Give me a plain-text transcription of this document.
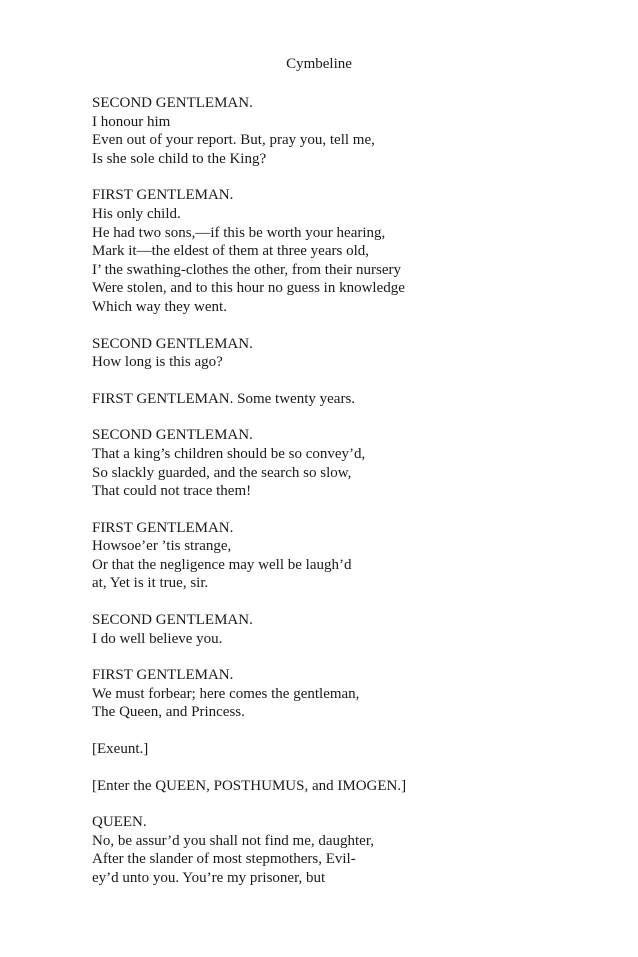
Cymbeline
SECOND GENTLEMAN.
I honour him
Even out of your report. But, pray you, tell me,
Is she sole child to the King?
FIRST GENTLEMAN.
His only child.
He had two sons,—if this be worth your hearing,
Mark it—the eldest of them at three years old,
I’ the swathing-clothes the other, from their nursery
Were stolen, and to this hour no guess in knowledge
Which way they went.
SECOND GENTLEMAN.
How long is this ago?
FIRST GENTLEMAN. Some twenty years.
SECOND GENTLEMAN.
That a king’s children should be so convey’d,
So slackly guarded, and the search so slow,
That could not trace them!
FIRST GENTLEMAN.
Howsoe’er ’tis strange,
Or that the negligence may well be laugh’d
at, Yet is it true, sir.
SECOND GENTLEMAN.
I do well believe you.
FIRST GENTLEMAN.
We must forbear; here comes the gentleman,
The Queen, and Princess.
[Exeunt.]
[Enter the QUEEN, POSTHUMUS, and IMOGEN.]
QUEEN.
No, be assur’d you shall not find me, daughter,
After the slander of most stepmothers, Evil-
ey’d unto you. You’re my prisoner, but
